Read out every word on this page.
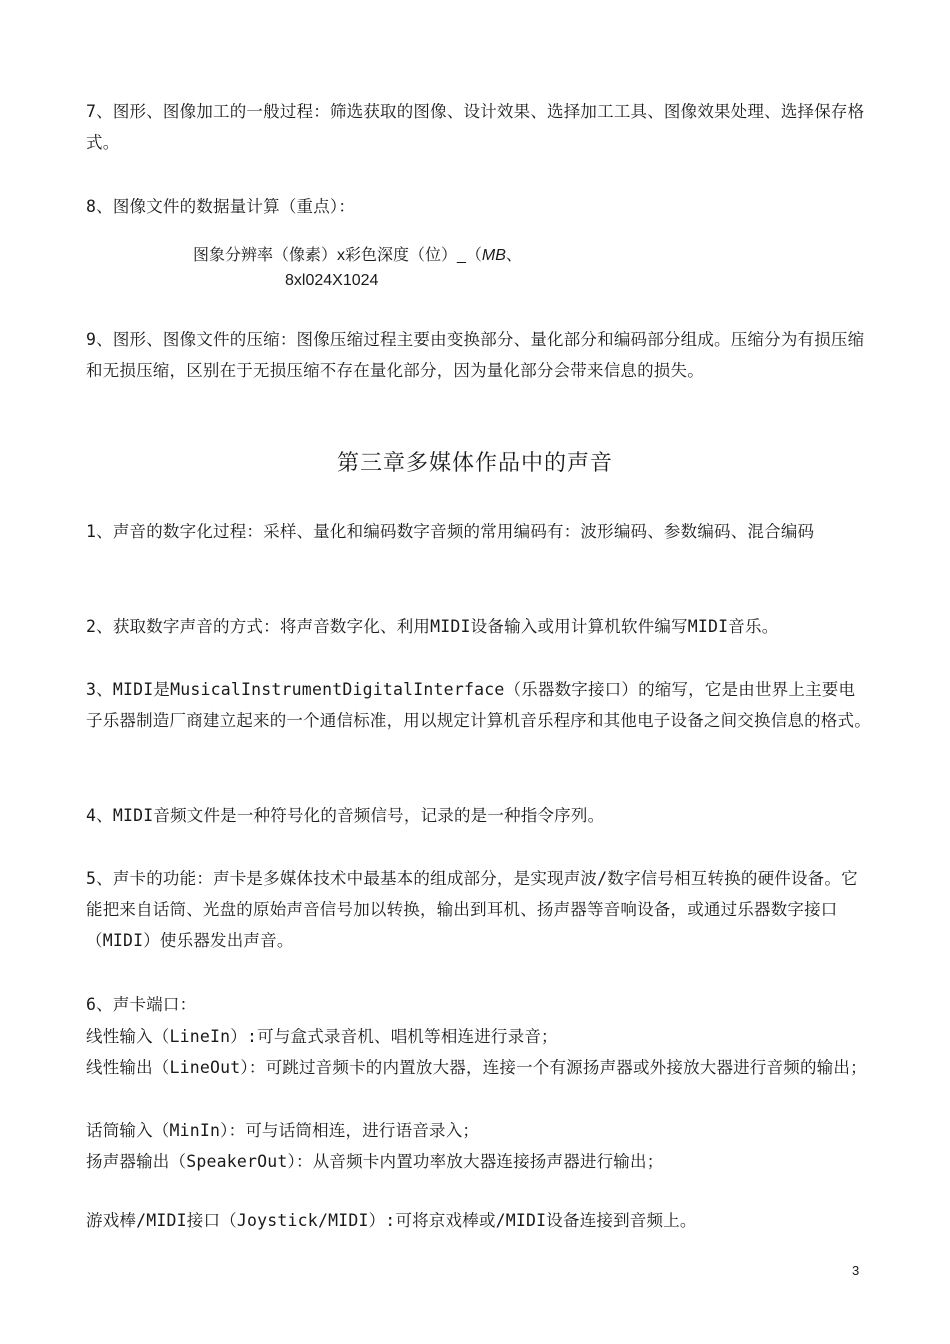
7、图形、图像加工的一般过程：筛选获取的图像、设计效果、选择加工工具、图像效果处理、选择保存格式。

8、图像文件的数据量计算（重点）：

图象分辨率（像素）x彩色深度（位）_（MB、
8xl024X1024

9、图形、图像文件的压缩：图像压缩过程主要由变换部分、量化部分和编码部分组成。压缩分为有损压缩和无损压缩，区别在于无损压缩不存在量化部分，因为量化部分会带来信息的损失。

第三章多媒体作品中的声音

1、声音的数字化过程：采样、量化和编码数字音频的常用编码有：波形编码、参数编码、混合编码

2、获取数字声音的方式：将声音数字化、利用MIDI设备输入或用计算机软件编写MIDI音乐。

3、MIDI是MusicalInstrumentDigitalInterface（乐器数字接口）的缩写，它是由世界上主要电子乐器制造厂商建立起来的一个通信标准，用以规定计算机音乐程序和其他电子设备之间交换信息的格式。

4、MIDI音频文件是一种符号化的音频信号，记录的是一种指令序列。

5、声卡的功能：声卡是多媒体技术中最基本的组成部分，是实现声波/数字信号相互转换的硬件设备。它能把来自话筒、光盘的原始声音信号加以转换，输出到耳机、扬声器等音响设备，或通过乐器数字接口（MIDI）使乐器发出声音。

6、声卡端口：

线性输入（LineIn）:可与盒式录音机、唱机等相连进行录音；

线性输出（LineOut）：可跳过音频卡的内置放大器，连接一个有源扬声器或外接放大器进行音频的输出；

话筒输入（MinIn）：可与话筒相连，进行语音录入；

扬声器输出（SpeakerOut）：从音频卡内置功率放大器连接扬声器进行输出；

游戏棒/MIDI接口（Joystick/MIDI）:可将京戏棒或/MIDI设备连接到音频上。

3
